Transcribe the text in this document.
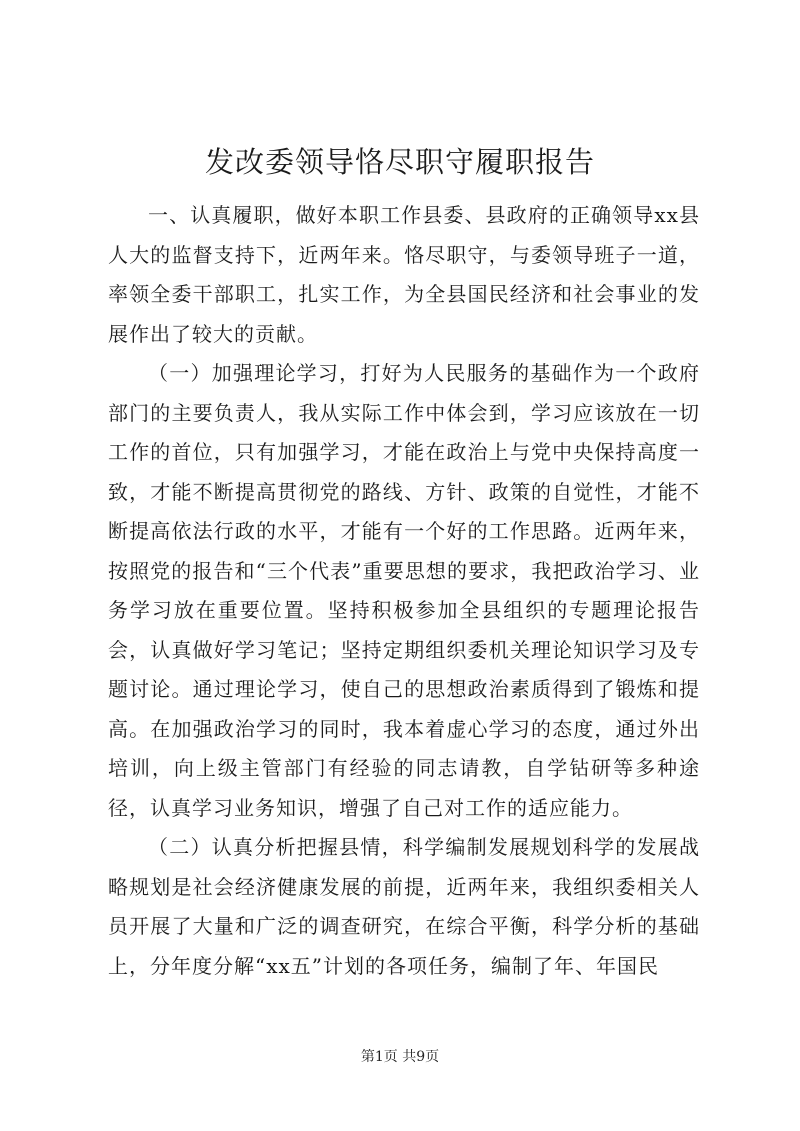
发改委领导恪尽职守履职报告

一、认真履职，做好本职工作县委、县政府的正确领导xx县人大的监督支持下，近两年来。恪尽职守，与委领导班子一道，率领全委干部职工，扎实工作，为全县国民经济和社会事业的发展作出了较大的贡献。

（一）加强理论学习，打好为人民服务的基础作为一个政府部门的主要负责人，我从实际工作中体会到，学习应该放在一切工作的首位，只有加强学习，才能在政治上与党中央保持高度一致，才能不断提高贯彻党的路线、方针、政策的自觉性，才能不断提高依法行政的水平，才能有一个好的工作思路。近两年来，按照党的报告和“三个代表”重要思想的要求，我把政治学习、业务学习放在重要位置。坚持积极参加全县组织的专题理论报告会，认真做好学习笔记；坚持定期组织委机关理论知识学习及专题讨论。通过理论学习，使自己的思想政治素质得到了锻炼和提高。在加强政治学习的同时，我本着虚心学习的态度，通过外出培训，向上级主管部门有经验的同志请教，自学钻研等多种途径，认真学习业务知识，增强了自己对工作的适应能力。

（二）认真分析把握县情，科学编制发展规划科学的发展战略规划是社会经济健康发展的前提，近两年来，我组织委相关人员开展了大量和广泛的调查研究，在综合平衡，科学分析的基础上，分年度分解“xx五”计划的各项任务，编制了年、年国民

第1页 共9页
